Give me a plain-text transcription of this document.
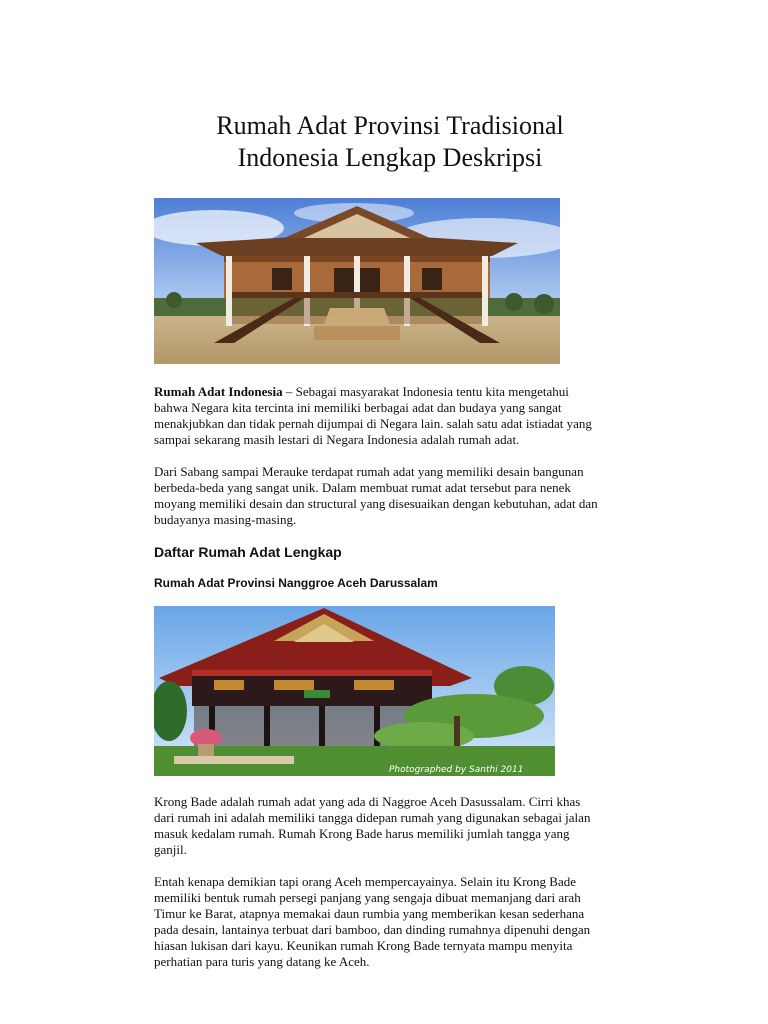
Rumah Adat Provinsi Tradisional
Indonesia Lengkap Deskripsi

Rumah Adat Indonesia – Sebagai masyarakat Indonesia tentu kita mengetahui
bahwa Negara kita tercinta ini memiliki berbagai adat dan budaya yang sangat
menakjubkan dan tidak pernah dijumpai di Negara lain. salah satu adat istiadat yang
sampai sekarang masih lestari di Negara Indonesia adalah rumah adat.

Dari Sabang sampai Merauke terdapat rumah adat yang memiliki desain bangunan
berbeda-beda yang sangat unik. Dalam membuat rumat adat tersebut para nenek
moyang memiliki desain dan structural yang disesuaikan dengan kebutuhan, adat dan
budayanya masing-masing.

Daftar Rumah Adat Lengkap
Rumah Adat Provinsi Nanggroe Aceh Darussalam
Photographed by Santhi 2011

Krong Bade adalah rumah adat yang ada di Naggroe Aceh Dasussalam. Cirri khas
dari rumah ini adalah memiliki tangga didepan rumah yang digunakan sebagai jalan
masuk kedalam rumah. Rumah Krong Bade harus memiliki jumlah tangga yang
ganjil.

Entah kenapa demikian tapi orang Aceh mempercayainya. Selain itu Krong Bade
memiliki bentuk rumah persegi panjang yang sengaja dibuat memanjang dari arah
Timur ke Barat, atapnya memakai daun rumbia yang memberikan kesan sederhana
pada desain, lantainya terbuat dari bamboo, dan dinding rumahnya dipenuhi dengan
hiasan lukisan dari kayu. Keunikan rumah Krong Bade ternyata mampu menyita
perhatian para turis yang datang ke Aceh.
